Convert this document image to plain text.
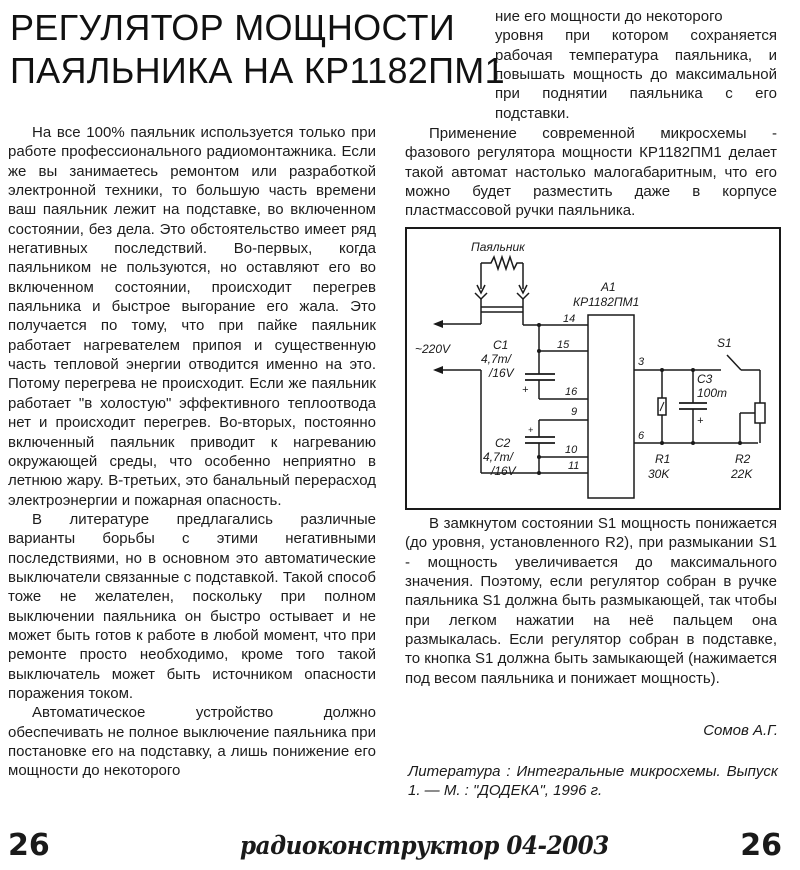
РЕГУЛЯТОР МОЩНОСТИ
ПАЯЛЬНИКА НА КР1182ПМ1

На все 100% паяльник используется только при работе профессионального радиомонтажника. Если же вы занимаетесь ремонтом или разработкой электронной техники, то большую часть времени ваш паяльник лежит на подставке, во включенном состоянии, без дела. Это обстоятельство имеет ряд негативных последствий. Во-первых, когда паяльником не пользуются, но оставляют его во включенном состоянии, происходит перегрев паяльника и быстрое выгорание его жала. Это получается по тому, что при пайке паяльник работает нагревателем припоя и существенную часть тепловой энергии отводится именно на это. Потому перегрева не происходит. Если же паяльник работает "в холостую" эффективного теплоотвода нет и происходит перегрев. Во-вторых, постоянно включенный паяльник приводит к нагреванию окружающей среды, что особенно неприятно в летнюю жару. В-третьих, это банальный перерасход электроэнергии и пожарная опасность.

В литературе предлагались различные варианты борьбы с этими негативными последствиями, но в основном это автоматические выключатели связанные с подставкой. Такой способ тоже не желателен, поскольку при полном выключении паяльника он быстро остывает и не может быть готов к работе в любой момент, что при ремонте просто необходимо, кроме того такой выключатель может быть источником опасности поражения током.

Автоматическое устройство должно обеспечивать не полное выключение паяльника при постановке его на подставку, а лишь понижение его мощности до некоторого

ние его мощности до некоторого

уровня при котором сохраняется рабочая температура паяльника, и повышать мощность до максимальной при поднятии паяльника с его подставки.

Применение современной микросхемы - фазового регулятора мощности КР1182ПМ1 делает такой автомат настолько малогабаритным, что его можно будет разместить даже в корпусе пластмассовой ручки паяльника.

Паяльник
~220V
A1
КР1182ПМ1
14
15
C1
4,7m/
/16V
+	16
9
+
C2
4,7m/
/16V
10
11
3
6
R1
30K
+
C3
100m
S1
R2
22K

В замкнутом состоянии S1 мощность понижается (до уровня, установленного R2), при размыкании S1 - мощность увеличивается до максимального значения. Поэтому, если регулятор собран в ручке паяльника S1 должна быть размыкающей, так чтобы при легком нажатии на неё пальцем она размыкалась. Если регулятор собран в подставке, то кнопка S1 должна быть замыкающей (нажимается под весом паяльника и понижает мощность).

Сомов А.Г.
Литература : Интегральные микросхемы. Выпуск 1. — М. : "ДОДЕКА", 1996 г.
26	радиоконструктор 04-2003	26
